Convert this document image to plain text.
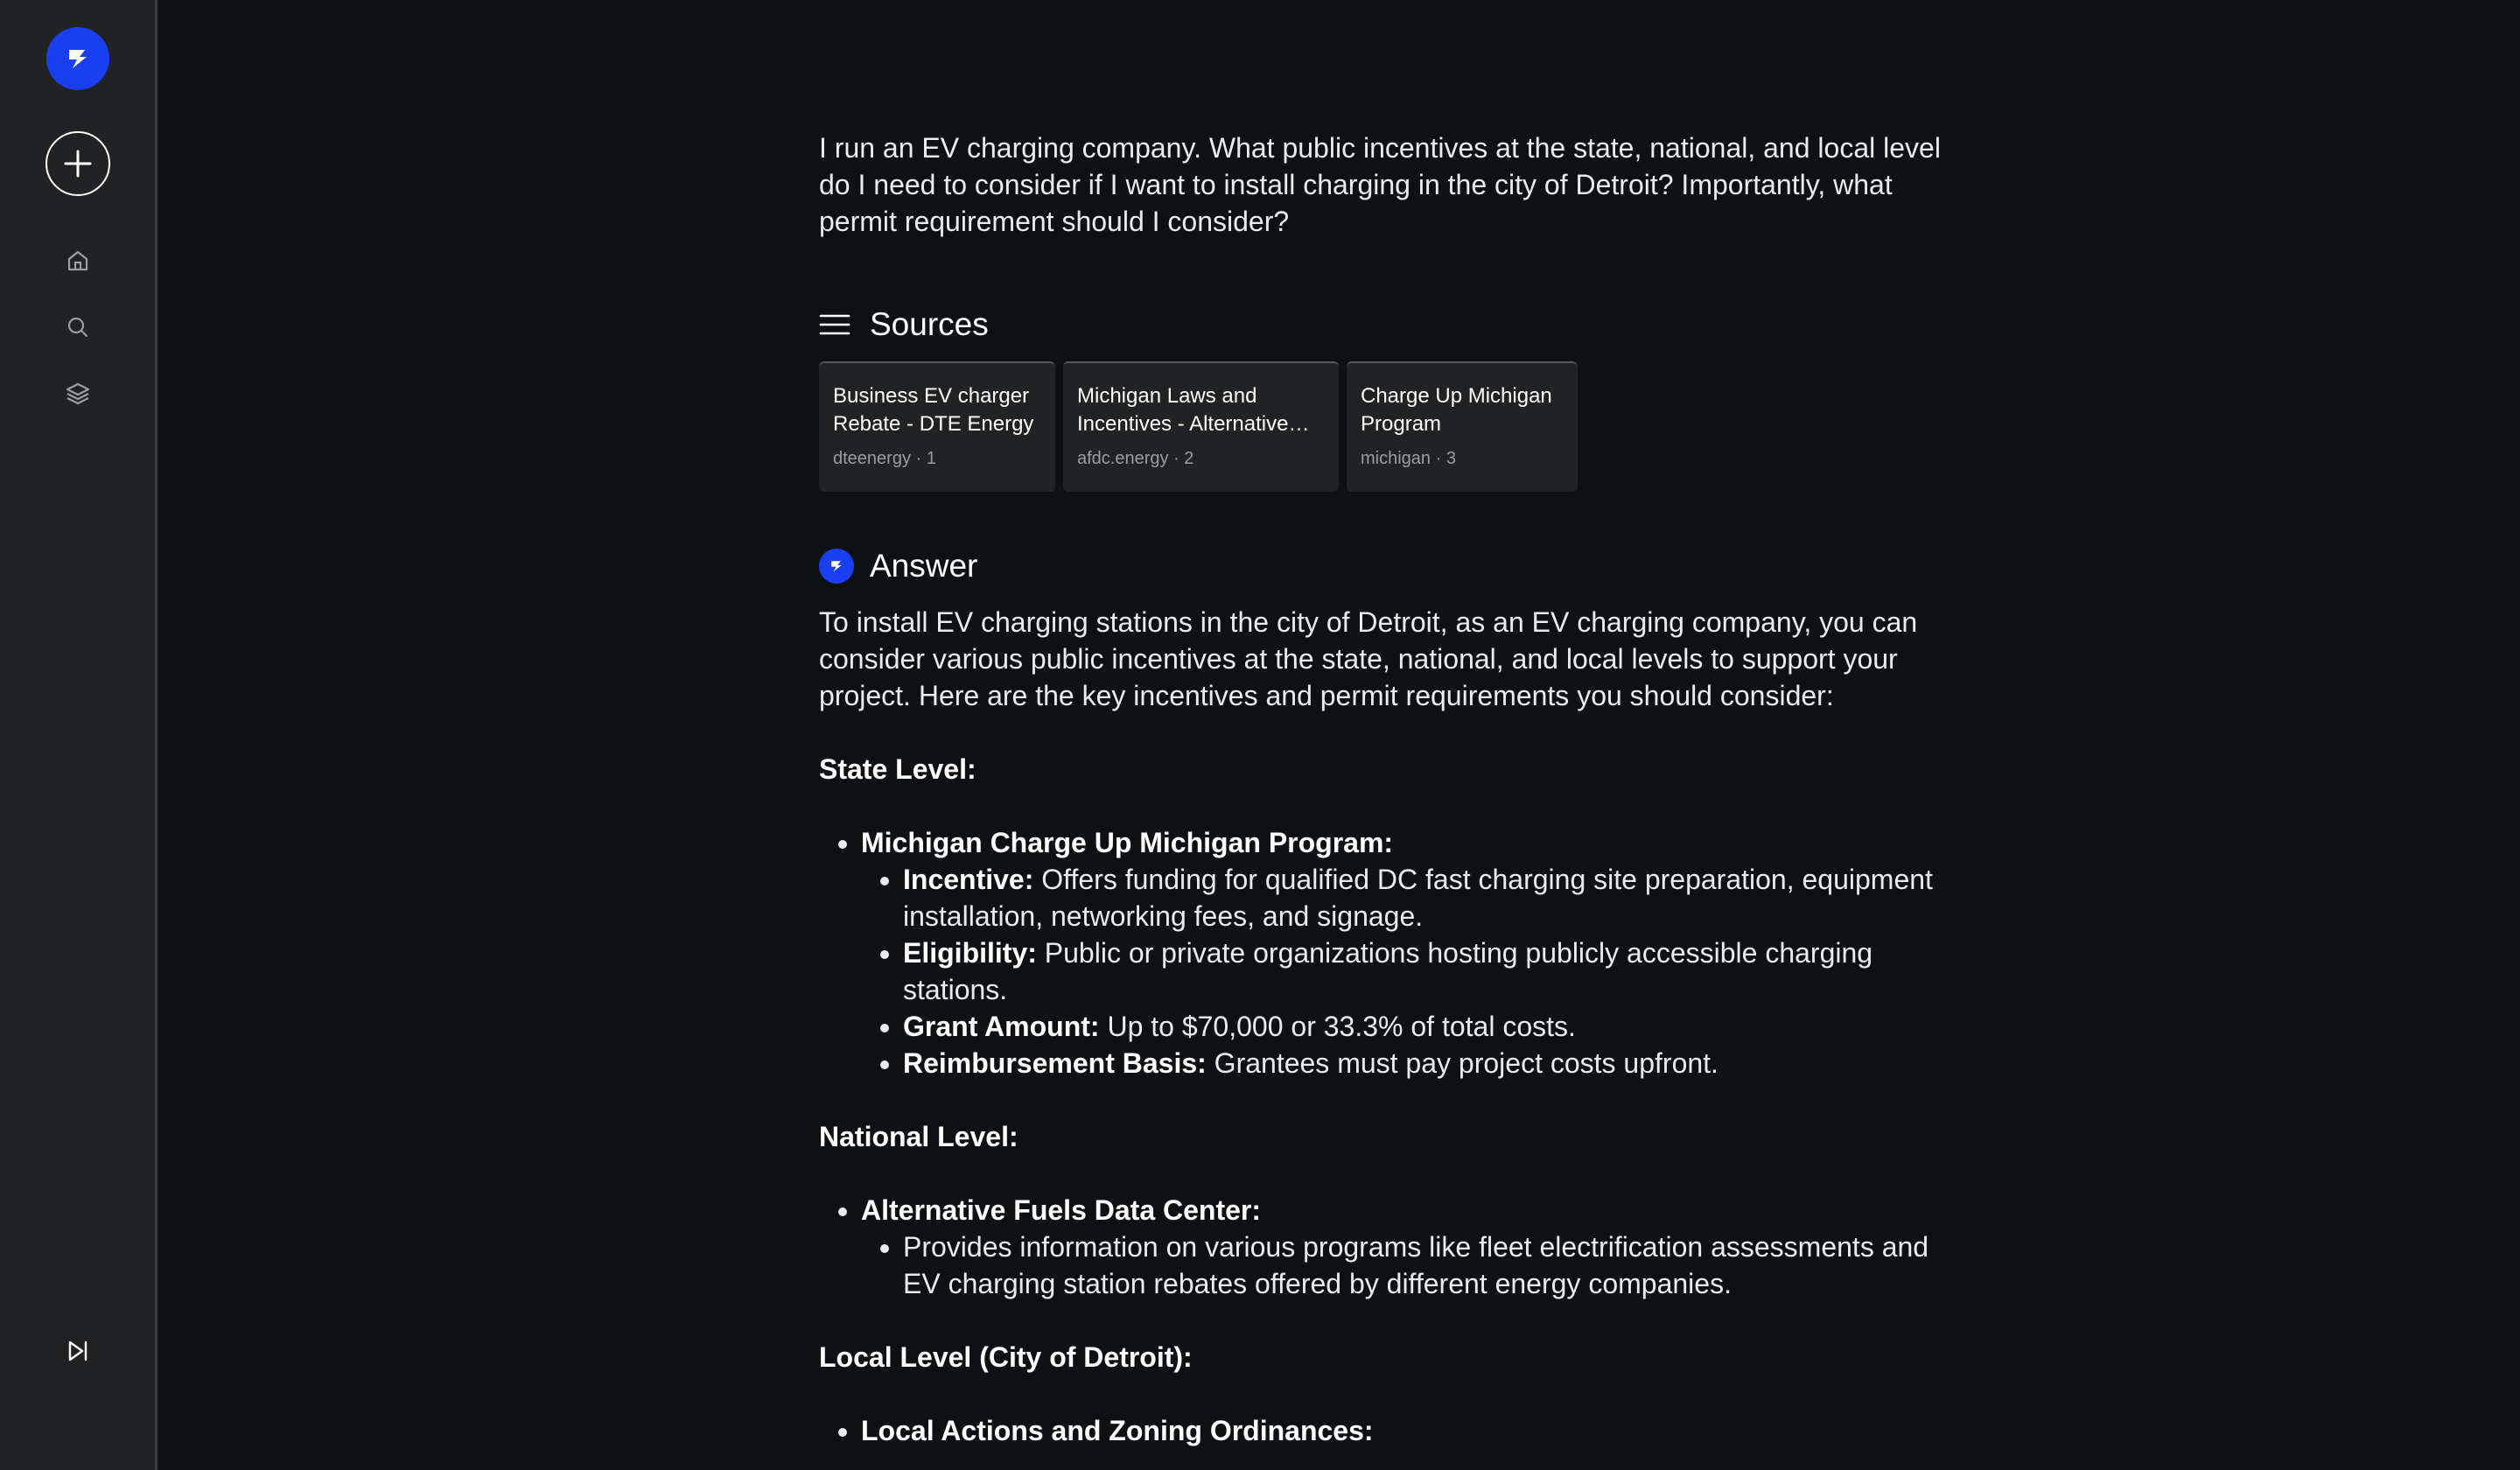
I run an EV charging company. What public incentives at the state, national, and local level do I need to consider if I want to install charging in the city of Detroit? Importantly, what permit requirement should I consider?
Sources
Business EV charger Rebate - DTE Energy
dteenergy · 1
Michigan Laws and Incentives - Alternative…
afdc.energy · 2
Charge Up Michigan Program
michigan · 3
Answer

To install EV charging stations in the city of Detroit, as an EV charging company, you can consider various public incentives at the state, national, and local levels to support your project. Here are the key incentives and permit requirements you should consider:

State Level:

• Michigan Charge Up Michigan Program:
• Incentive: Offers funding for qualified DC fast charging site preparation, equipment installation, networking fees, and signage.
• Eligibility: Public or private organizations hosting publicly accessible charging stations.
• Grant Amount: Up to $70,000 or 33.3% of total costs.
• Reimbursement Basis: Grantees must pay project costs upfront.

National Level:

• Alternative Fuels Data Center:
• Provides information on various programs like fleet electrification assessments and EV charging station rebates offered by different energy companies.

Local Level (City of Detroit):

• Local Actions and Zoning Ordinances:
